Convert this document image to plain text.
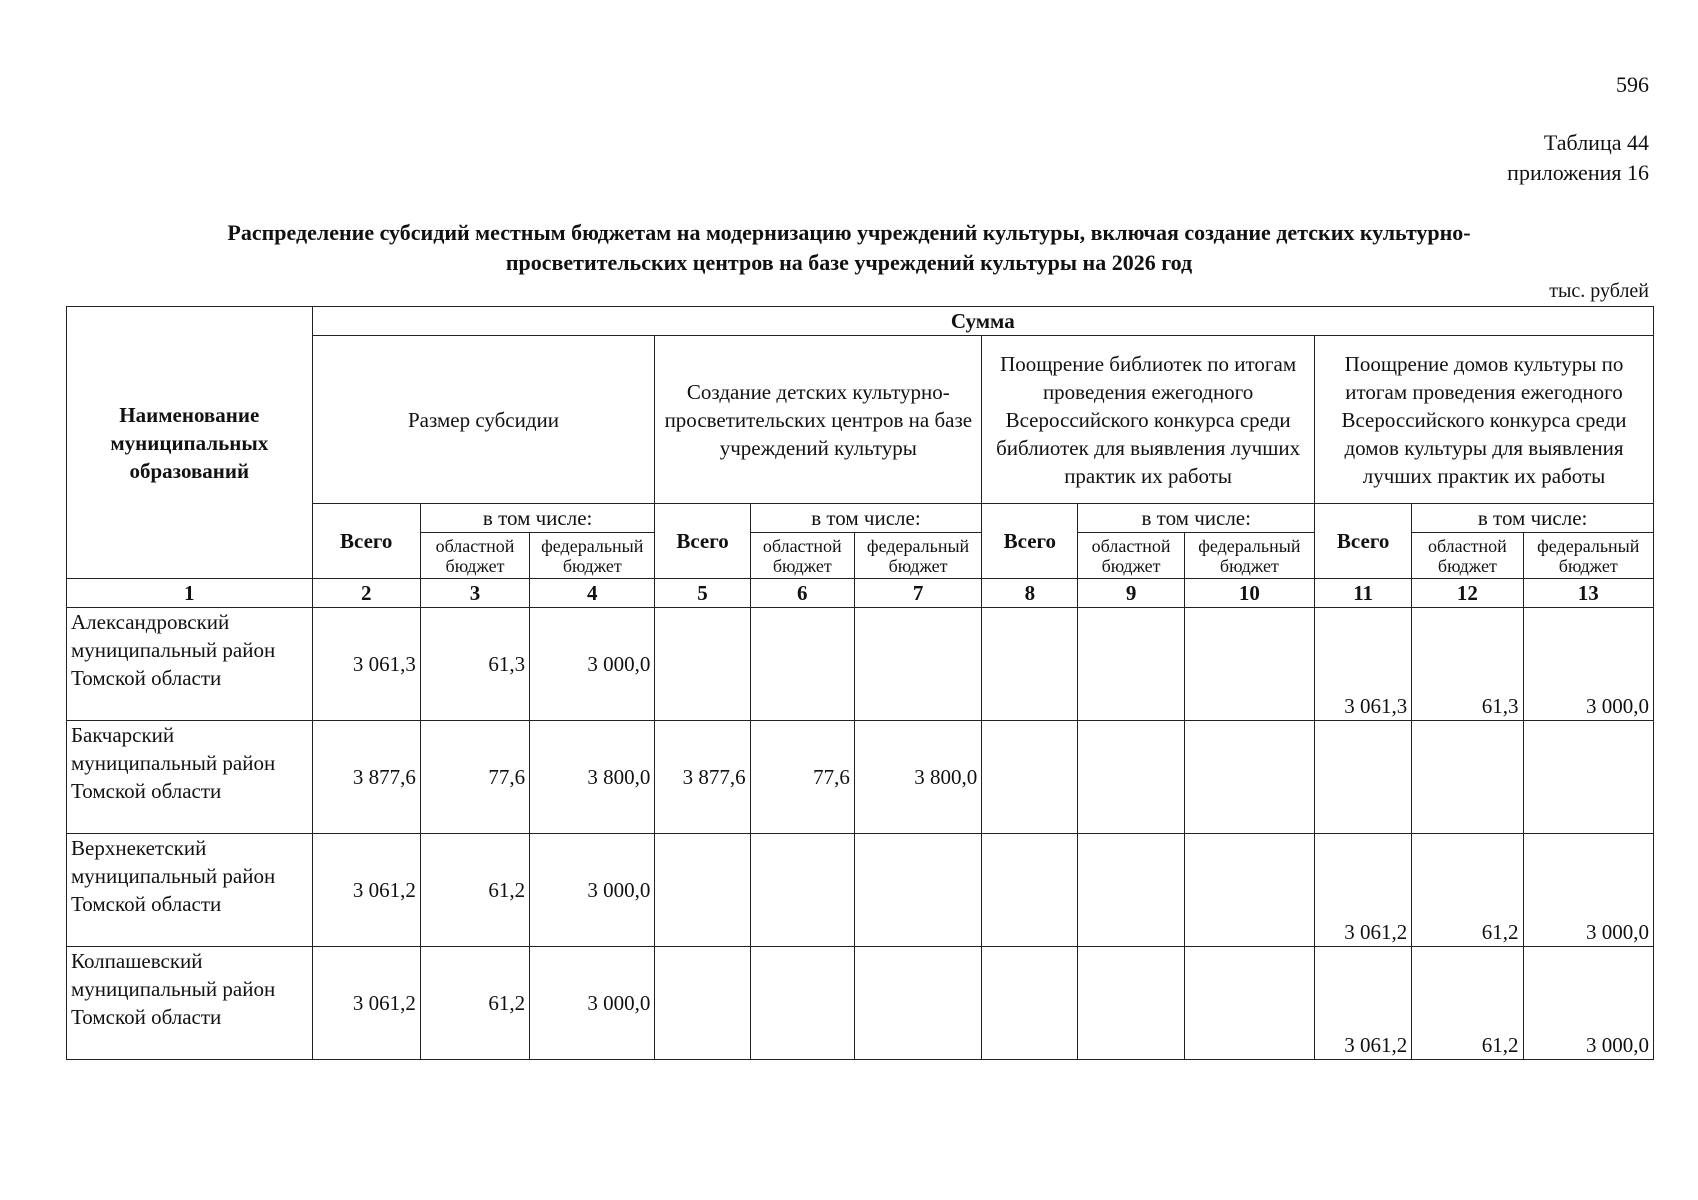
596
Таблица 44
приложения 16
Распределение субсидий местным бюджетам на модернизацию учреждений культуры, включая создание детских культурно-
просветительских центров на базе учреждений культуры на 2026 год
тыс. рублей
Наименование муниципальных образований	Сумма											
	Размер субсидии			Создание детских культурно-просветительских центров на базе учреждений культуры			Поощрение библиотек по итогам проведения ежегодного Всероссийского конкурса среди библиотек для выявления лучших практик их работы			Поощрение домов культуры по итогам проведения ежегодного Всероссийского конкурса среди домов культуры для выявления лучших практик их работы		
	Всего	в том числе:		Всего	в том числе:		Всего	в том числе:		Всего	в том числе:	
		областной бюджет	федеральный бюджет		областной бюджет	федеральный бюджет		областной бюджет	федеральный бюджет		областной бюджет	федеральный бюджет
1	2	3	4	5	6	7	8	9	10	11	12	13
Александровский муниципальный район Томской области	3 061,3	61,3	3 000,0							3 061,3	61,3	3 000,0
Бакчарский муниципальный район Томской области	3 877,6	77,6	3 800,0	3 877,6	77,6	3 800,0						
Верхнекетский муниципальный район Томской области	3 061,2	61,2	3 000,0							3 061,2	61,2	3 000,0
Колпашевский муниципальный район Томской области	3 061,2	61,2	3 000,0							3 061,2	61,2	3 000,0
